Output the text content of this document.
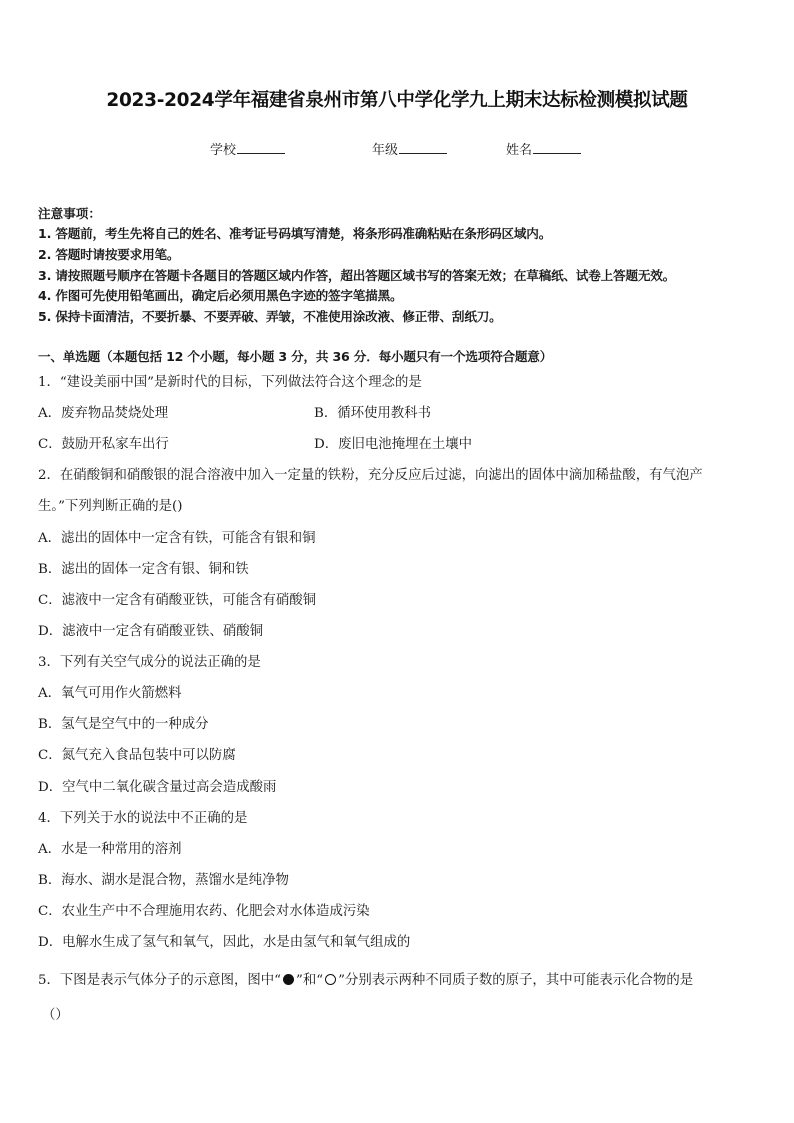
2023-2024学年福建省泉州市第八中学化学九上期末达标检测模拟试题
学校	年级	姓名
注意事项：
1. 答题前，考生先将自己的姓名、准考证号码填写清楚，将条形码准确粘贴在条形码区域内。
2. 答题时请按要求用笔。
3. 请按照题号顺序在答题卡各题目的答题区域内作答，超出答题区域书写的答案无效；在草稿纸、试卷上答题无效。
4. 作图可先使用铅笔画出，确定后必须用黑色字迹的签字笔描黑。
5. 保持卡面清洁，不要折暴、不要弄破、弄皱，不准使用涂改液、修正带、刮纸刀。
一、单选题（本题包括 12 个小题，每小题 3 分，共 36 分．每小题只有一个选项符合题意）
1．“建设美丽中国”是新时代的目标，下列做法符合这个理念的是
A．废弃物品焚烧处理	B．循环使用教科书
C．鼓励开私家车出行	D．废旧电池掩埋在土壤中
2．在硝酸铜和硝酸银的混合溶液中加入一定量的铁粉，充分反应后过滤，向滤出的固体中滴加稀盐酸，有气泡产
生。”下列判断正确的是()
A．滤出的固体中一定含有铁，可能含有银和铜
B．滤出的固体一定含有银、铜和铁
C．滤液中一定含有硝酸亚铁，可能含有硝酸铜
D．滤液中一定含有硝酸亚铁、硝酸铜
3．下列有关空气成分的说法正确的是
A．氧气可用作火箭燃料
B．氢气是空气中的一种成分
C．氮气充入食品包装中可以防腐
D．空气中二氧化碳含量过高会造成酸雨
4．下列关于水的说法中不正确的是
A．水是一种常用的溶剂
B．海水、湖水是混合物，蒸馏水是纯净物
C．农业生产中不合理施用农药、化肥会对水体造成污染
D．电解水生成了氢气和氧气，因此，水是由氢气和氧气组成的
5．下图是表示气体分子的示意图，图中“ ”和“ ”分别表示两种不同质子数的原子，其中可能表示化合物的是
（）
